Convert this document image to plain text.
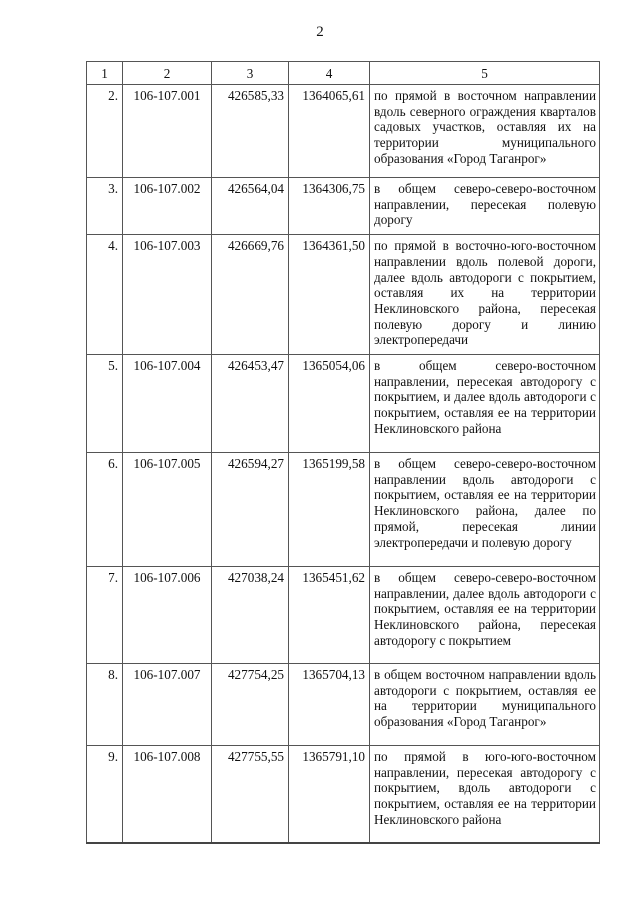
2
1	2	3	4	5
2.	106-107.001	426585,33	1364065,61	по прямой в восточном направлении вдоль северного ограждения кварталов садовых участков, оставляя их на территории муниципального образования «Город Таганрог»
3.	106-107.002	426564,04	1364306,75	в общем северо-северо-восточном направлении, пересекая полевую дорогу
4.	106-107.003	426669,76	1364361,50	по прямой в восточно-юго-восточном направлении вдоль полевой дороги, далее вдоль автодороги с покрытием, оставляя их на территории Неклиновского района, пересекая полевую дорогу и линию электропередачи
5.	106-107.004	426453,47	1365054,06	в общем северо-восточном направлении, пересекая автодорогу с покрытием, и далее вдоль автодороги с покрытием, оставляя ее на территории Неклиновского района
6.	106-107.005	426594,27	1365199,58	в общем северо-северо-восточном направлении вдоль автодороги с покрытием, оставляя ее на территории Неклиновского района, далее по прямой, пересекая линии электропередачи и полевую дорогу
7.	106-107.006	427038,24	1365451,62	в общем северо-северо-восточном направлении, далее вдоль автодороги с покрытием, оставляя ее на территории Неклиновского района, пересекая автодорогу с покрытием
8.	106-107.007	427754,25	1365704,13	в общем восточном направлении вдоль автодороги с покрытием, оставляя ее на территории муниципального образования «Город Таганрог»
9.	106-107.008	427755,55	1365791,10	по прямой в юго-юго-восточном направлении, пересекая автодорогу с покрытием, вдоль автодороги с покрытием, оставляя ее на территории Неклиновского района
